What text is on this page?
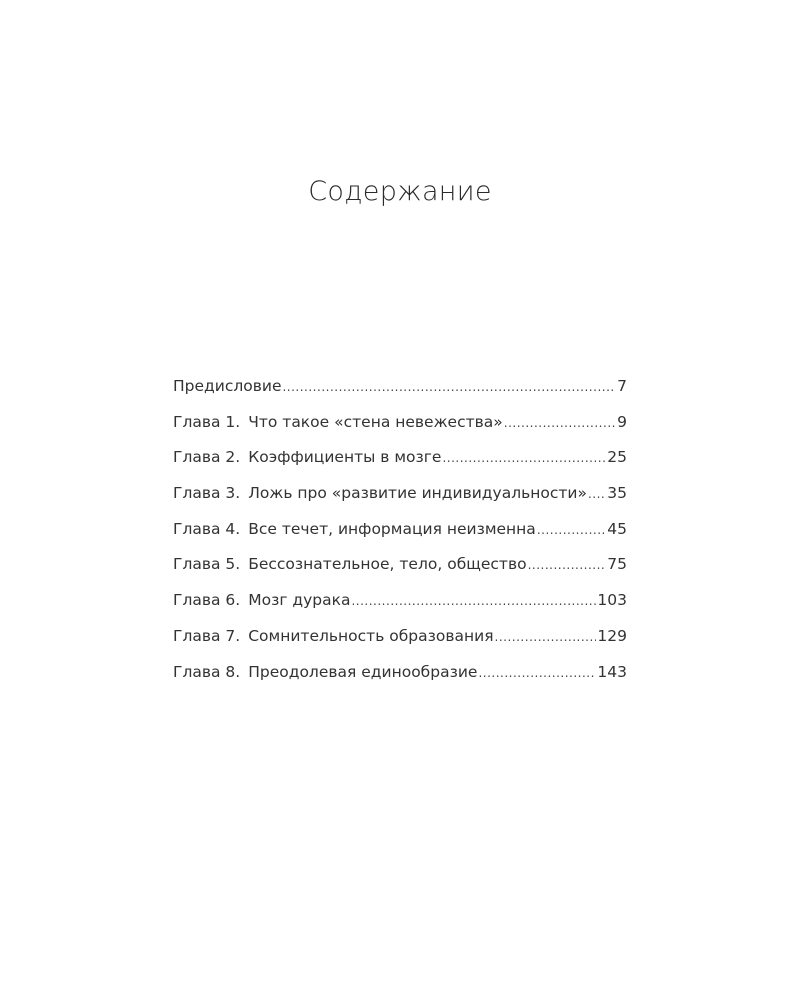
Содержание
Предисловие .....	7
Глава 1. Что такое «стена невежества» .....	9
Глава 2. Коэффициенты в мозге .....	25
Глава 3. Ложь про «развитие индивидуальности» ..... 35
Глава 4. Все течет, информация неизменна .....	45
Глава 5. Бессознательное, тело, общество .....	75
Глава 6. Мозг дурака .....	103
Глава 7. Сомнительность образования .....	129
Глава 8. Преодолевая единообразие .....	143
